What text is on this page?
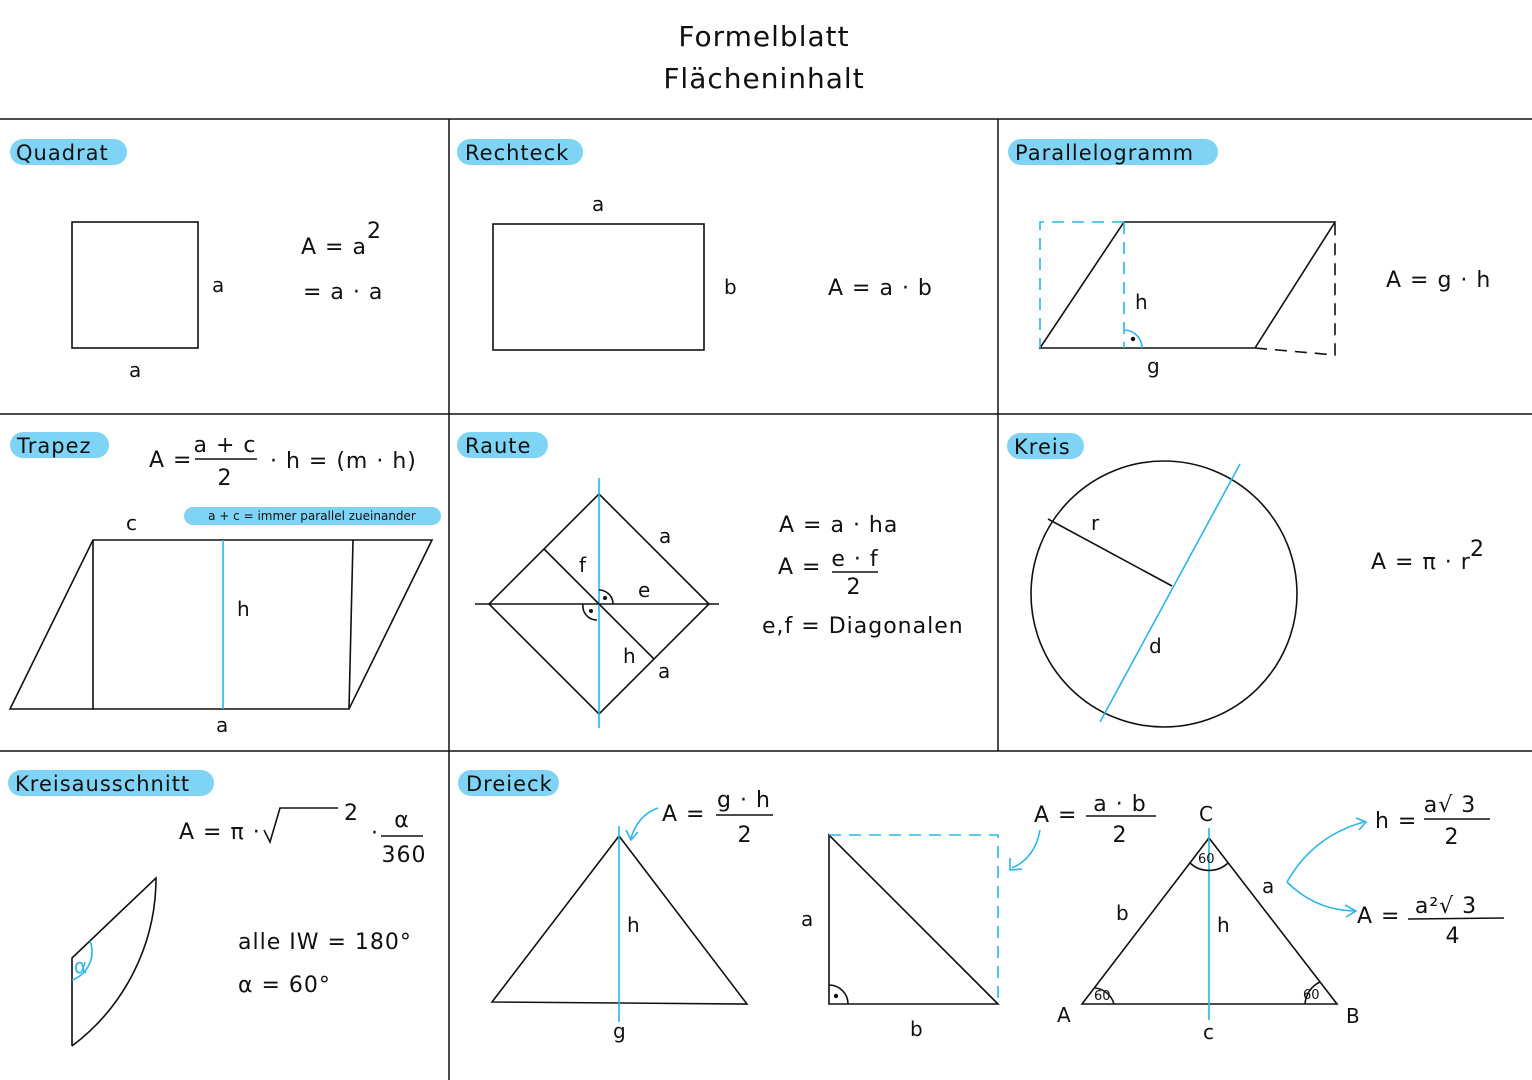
Formelblatt
Flächeninhalt
Quadrat
a
a
A = a
2
= a · a
Rechteck
a
b	A = a · b
Parallelogramm
h
g
A = g · h
Trapez
A =
a + c
2
· h = (m · h)
a + c = immer parallel zueinander
c
h
a
Raute
a
a
f
e
h
A = a · ha
A = e · f
2
e,f = Diagonalen
Kreis
r
d
A = π · r
2
Kreisausschnitt
A = π ·
2
·
α
360
α
alle IW = 180°
α = 60°
Dreieck
A =
g · h
2
h
g
A = a · b
2
a
b
60	60
60
A	B
C
a
b
c
h
h =
a√ 3
2
A = a²√ 3
4
